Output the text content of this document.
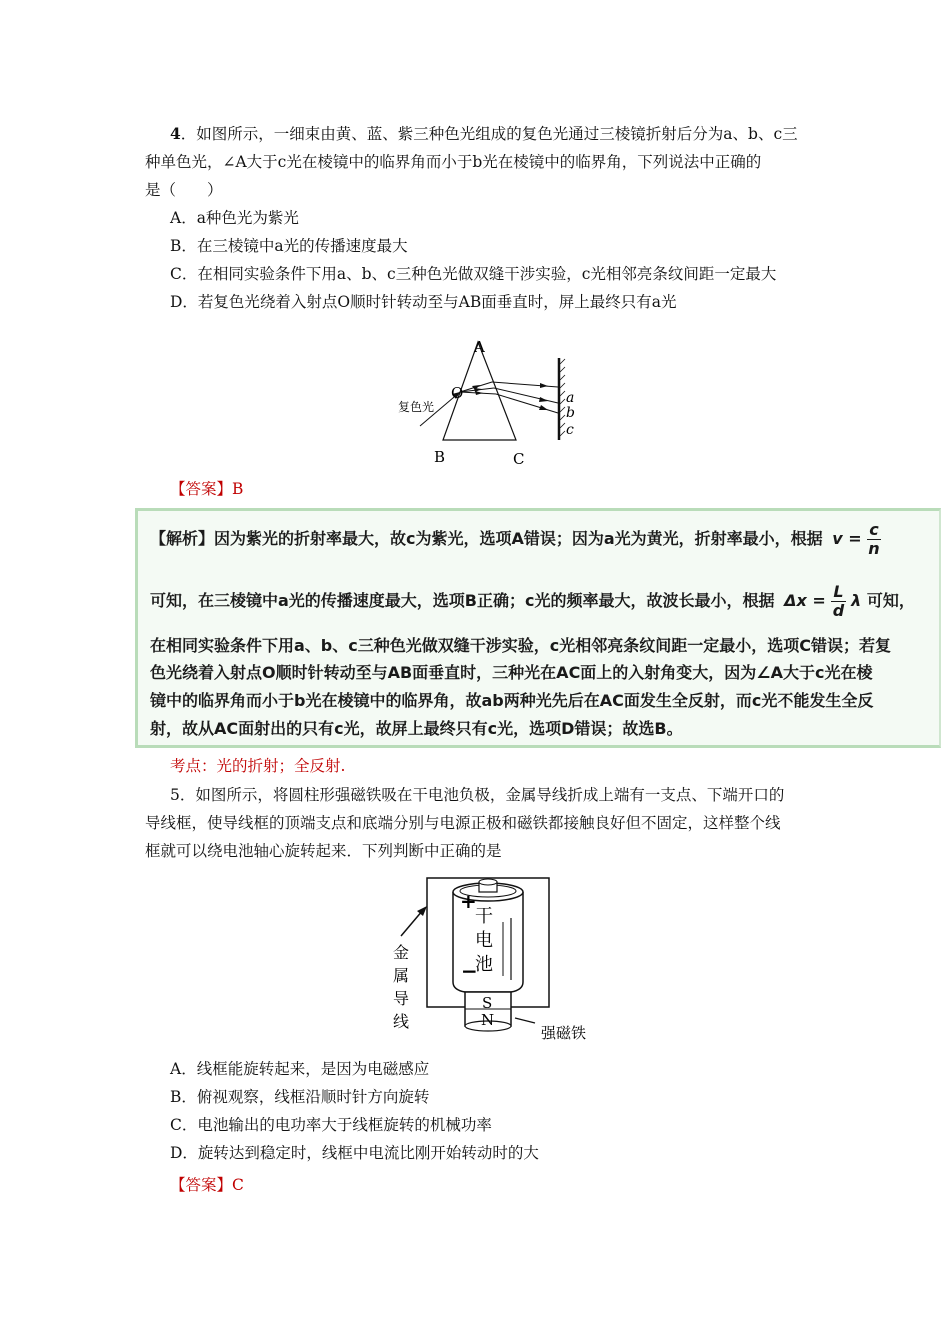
4．如图所示，一细束由黄、蓝、紫三种色光组成的复色光通过三棱镜折射后分为a、b、c三
种单色光，∠A大于c光在棱镜中的临界角而小于b光在棱镜中的临界角，下列说法中正确的
是（　　）
A．a种色光为紫光
B．在三棱镜中a光的传播速度最大
C．在相同实验条件下用a、b、c三种色光做双缝干涉实验，c光相邻亮条纹间距一定最大
D．若复色光绕着入射点O顺时针转动至与AB面垂直时，屏上最终只有a光
A
B	C
O
复色光
a
b
c
【答案】B
【解析】因为紫光的折射率最大，故c为紫光，选项A错误；因为a光为黄光，折射率最小，根据 $v = \frac{c}{n}$
可知，在三棱镜中a光的传播速度最大，选项B正确；c光的频率最大，故波长最小，根据 $\Delta x = \frac{L}{d}$ λ 可知，
在相同实验条件下用a、b、c三种色光做双缝干涉实验，c光相邻亮条纹间距一定最小，选项C错误；若复
色光绕着入射点O顺时针转动至与AB面垂直时，三种光在AC面上的入射角变大，因为∠A大于c光在棱
镜中的临界角而小于b光在棱镜中的临界角，故ab两种光先后在AC面发生全反射，而c光不能发生全反
射，故从AC面射出的只有c光，故屏上最终只有c光，选项D错误；故选B。
考点：光的折射；全反射.
5．如图所示，将圆柱形强磁铁吸在干电池负极，金属导线折成上端有一支点、下端开口的
导线框，使导线框的顶端支点和底端分别与电源正极和磁铁都接触良好但不固定，这样整个线
框就可以绕电池轴心旋转起来．下列判断中正确的是
+
−
干
电
池
金
属
导
线
S
N
强磁铁
A．线框能旋转起来，是因为电磁感应
B．俯视观察，线框沿顺时针方向旋转
C．电池输出的电功率大于线框旋转的机械功率
D．旋转达到稳定时，线框中电流比刚开始转动时的大
【答案】C
